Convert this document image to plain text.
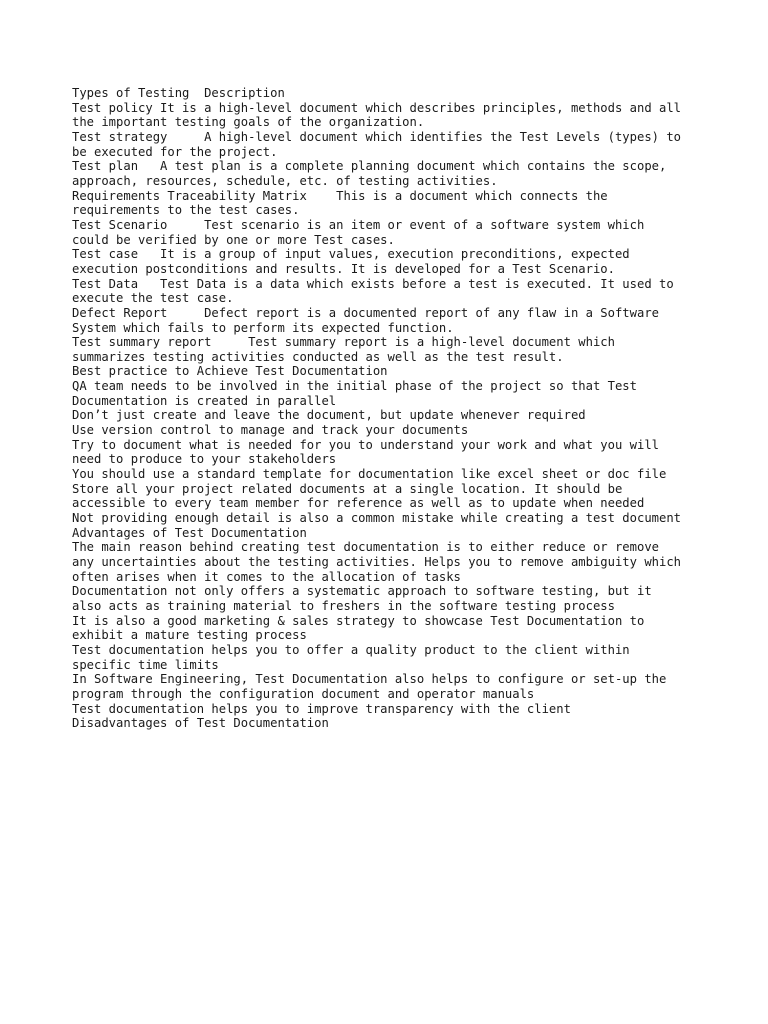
Types of Testing  Description

Test policy It is a high-level document which describes principles, methods and all

the important testing goals of the organization.

Test strategy     A high-level document which identifies the Test Levels (types) to

be executed for the project.

Test plan   A test plan is a complete planning document which contains the scope,

approach, resources, schedule, etc. of testing activities.

Requirements Traceability Matrix    This is a document which connects the

requirements to the test cases.

Test Scenario     Test scenario is an item or event of a software system which

could be verified by one or more Test cases.

Test case   It is a group of input values, execution preconditions, expected

execution postconditions and results. It is developed for a Test Scenario.

Test Data   Test Data is a data which exists before a test is executed. It used to

execute the test case.

Defect Report     Defect report is a documented report of any flaw in a Software

System which fails to perform its expected function.

Test summary report     Test summary report is a high-level document which

summarizes testing activities conducted as well as the test result.

Best practice to Achieve Test Documentation

QA team needs to be involved in the initial phase of the project so that Test

Documentation is created in parallel

Don’t just create and leave the document, but update whenever required

Use version control to manage and track your documents

Try to document what is needed for you to understand your work and what you will

need to produce to your stakeholders

You should use a standard template for documentation like excel sheet or doc file

Store all your project related documents at a single location. It should be

accessible to every team member for reference as well as to update when needed

Not providing enough detail is also a common mistake while creating a test document

Advantages of Test Documentation

The main reason behind creating test documentation is to either reduce or remove

any uncertainties about the testing activities. Helps you to remove ambiguity which

often arises when it comes to the allocation of tasks

Documentation not only offers a systematic approach to software testing, but it

also acts as training material to freshers in the software testing process

It is also a good marketing & sales strategy to showcase Test Documentation to

exhibit a mature testing process

Test documentation helps you to offer a quality product to the client within

specific time limits

In Software Engineering, Test Documentation also helps to configure or set-up the

program through the configuration document and operator manuals

Test documentation helps you to improve transparency with the client

Disadvantages of Test Documentation
